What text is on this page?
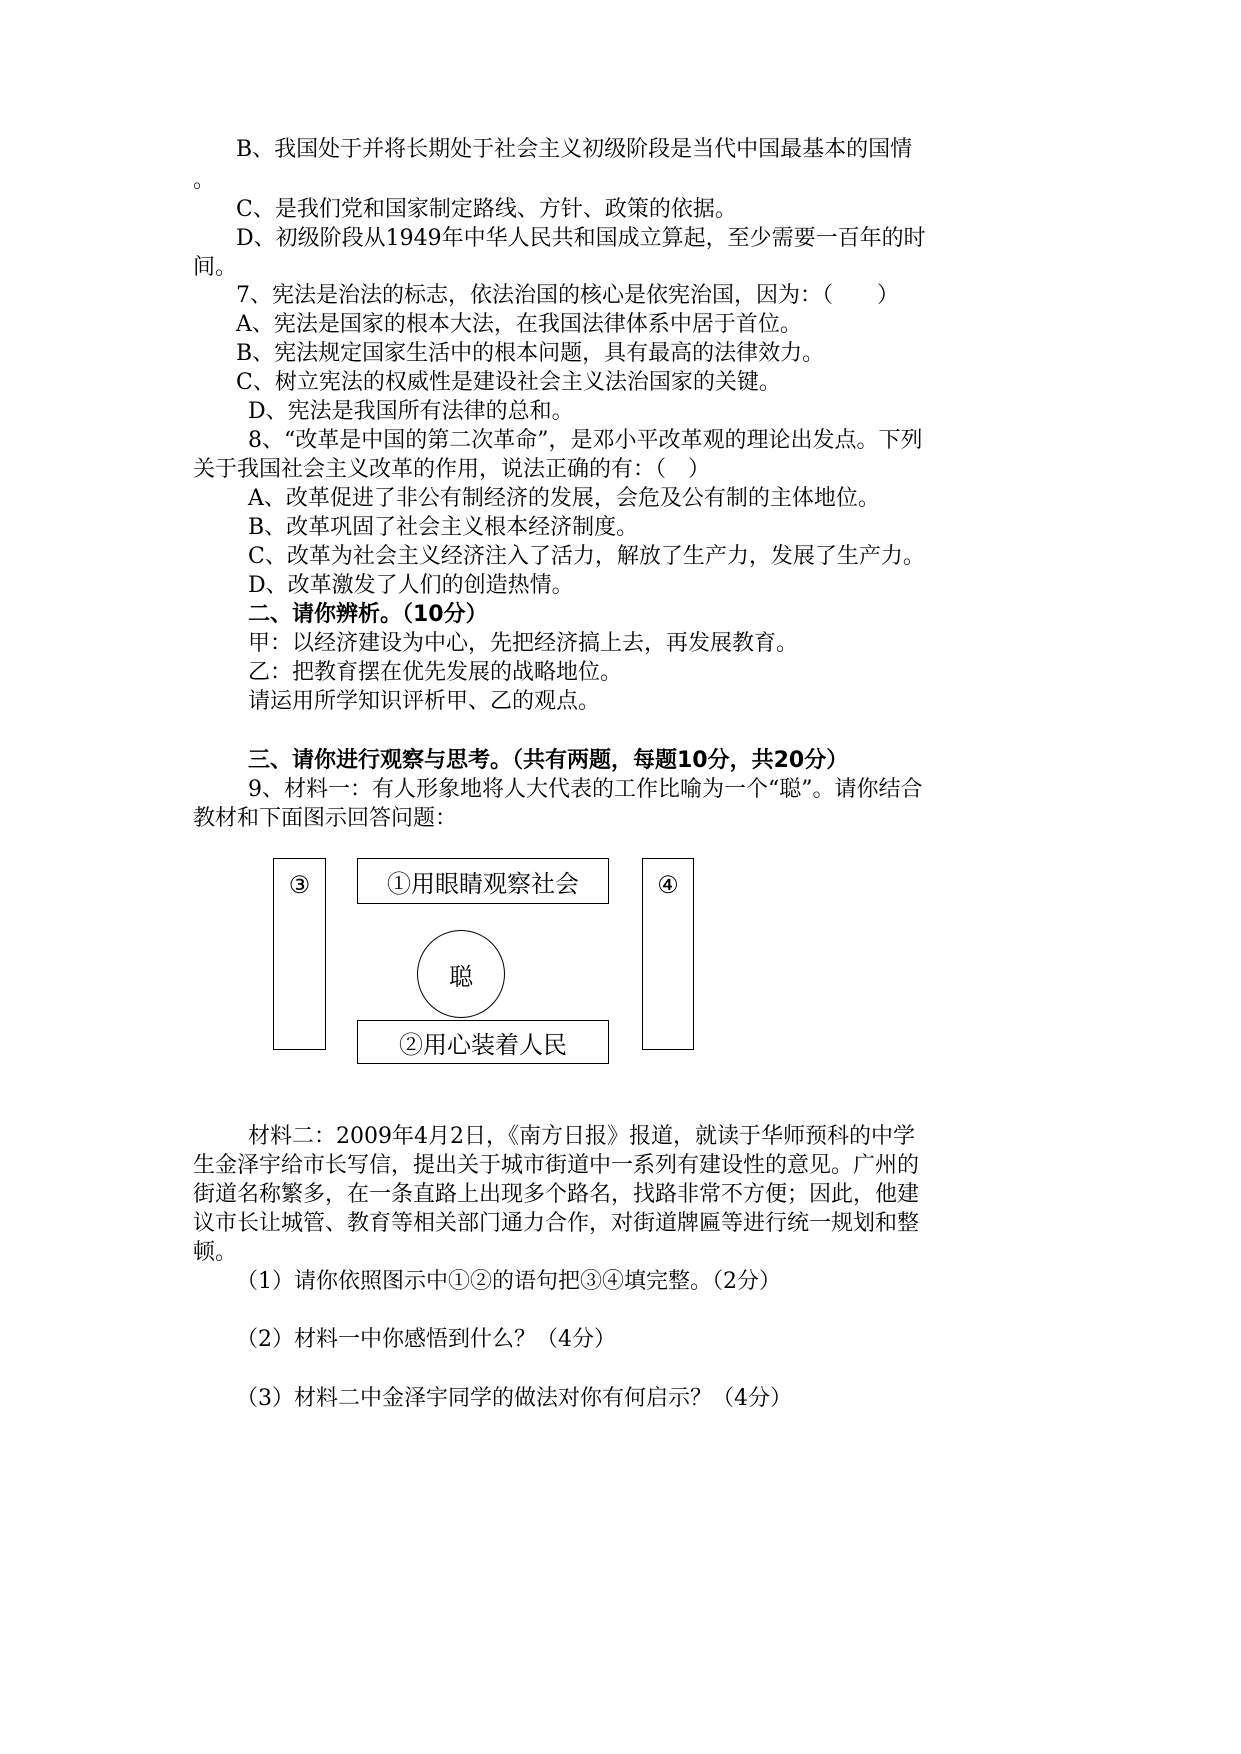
B、我国处于并将长期处于社会主义初级阶段是当代中国最基本的国情
。
C、是我们党和国家制定路线、方针、政策的依据。
D、初级阶段从1949年中华人民共和国成立算起，至少需要一百年的时
间。
7、宪法是治法的标志，依法治国的核心是依宪治国，因为：（　　）
A、宪法是国家的根本大法，在我国法律体系中居于首位。
B、宪法规定国家生活中的根本问题，具有最高的法律效力。
C、树立宪法的权威性是建设社会主义法治国家的关键。
D、宪法是我国所有法律的总和。
8、“改革是中国的第二次革命”，是邓小平改革观的理论出发点。下列
关于我国社会主义改革的作用，说法正确的有：（　）
A、改革促进了非公有制经济的发展，会危及公有制的主体地位。
B、改革巩固了社会主义根本经济制度。
C、改革为社会主义经济注入了活力，解放了生产力，发展了生产力。
D、改革激发了人们的创造热情。
二、请你辨析。（10分）
甲：以经济建设为中心，先把经济搞上去，再发展教育。
乙：把教育摆在优先发展的战略地位。
请运用所学知识评析甲、乙的观点。
三、请你进行观察与思考。（共有两题，每题10分，共20分）
9、材料一：有人形象地将人大代表的工作比喻为一个“聪”。请你结合
教材和下面图示回答问题：
③	①用眼睛观察社会	④
聪
②用心装着人民
材料二：2009年4月2日，《南方日报》报道，就读于华师预科的中学
生金泽宇给市长写信，提出关于城市街道中一系列有建设性的意见。广州的
街道名称繁多，在一条直路上出现多个路名，找路非常不方便；因此，他建
议市长让城管、教育等相关部门通力合作，对街道牌匾等进行统一规划和整
顿。
（1）请你依照图示中①②的语句把③④填完整。（2分）
（2）材料一中你感悟到什么？（4分）
（3）材料二中金泽宇同学的做法对你有何启示？（4分）
